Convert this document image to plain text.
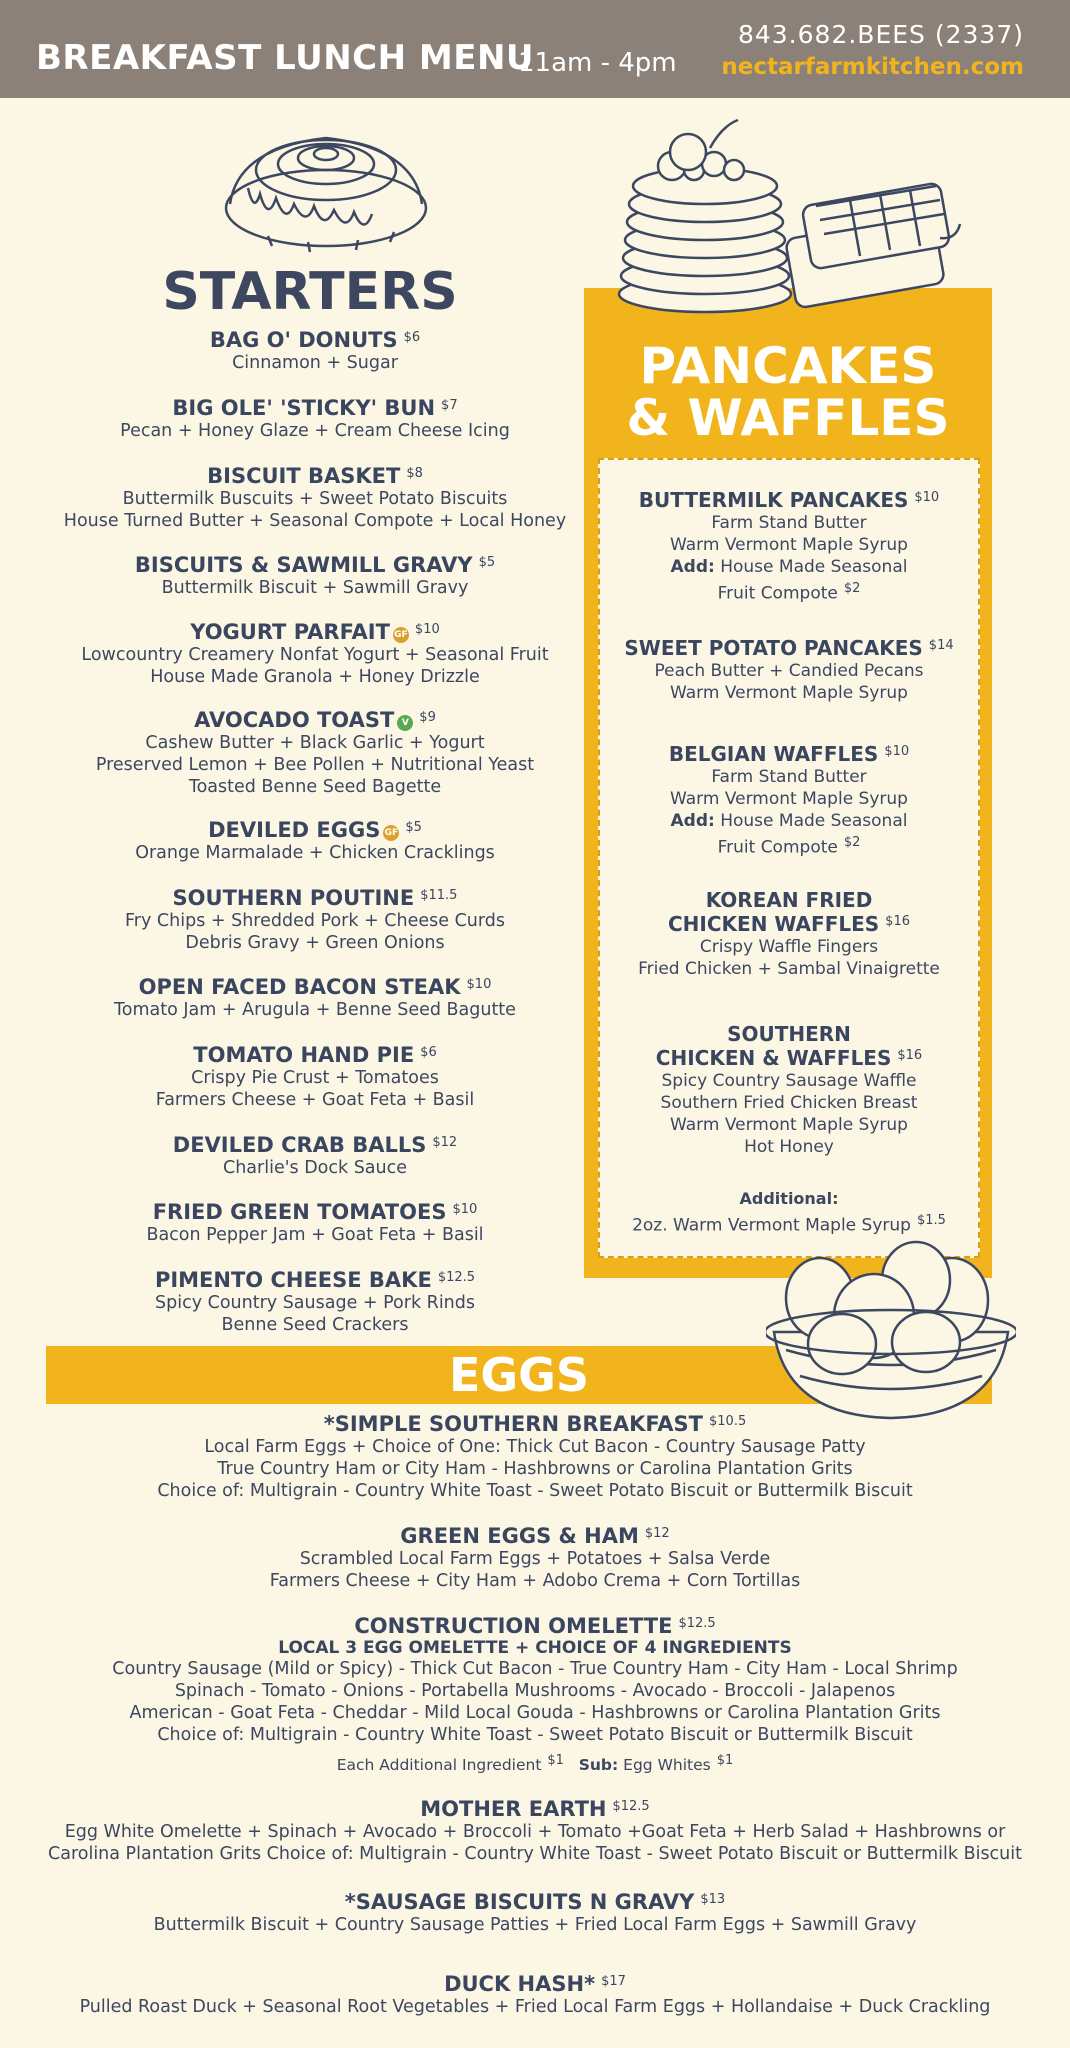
BREAKFAST LUNCH MENU
11am - 4pm
843.682.BEES (2337)
nectarfarmkitchen.com
STARTERS
BAG O' DONUTS $^{\$6}$
Cinnamon + Sugar
BIG OLE' 'STICKY' BUN $^{\$7}$
Pecan + Honey Glaze + Cream Cheese Icing
BISCUIT BASKET $^{\$8}$
Buttermilk Buscuits + Sweet Potato Biscuits
House Turned Butter + Seasonal Compote + Local Honey
BISCUITS & SAWMILL GRAVY $^{\$5}$
Buttermilk Biscuit + Sawmill Gravy
YOGURT PARFAIT GF $^{\$10}$
Lowcountry Creamery Nonfat Yogurt + Seasonal Fruit
House Made Granola + Honey Drizzle
AVOCADO TOAST V $^{\$9}$
Cashew Butter + Black Garlic + Yogurt
Preserved Lemon + Bee Pollen + Nutritional Yeast
Toasted Benne Seed Bagette
DEVILED EGGS GF $^{\$5}$
Orange Marmalade + Chicken Cracklings
SOUTHERN POUTINE $^{\$11.5}$
Fry Chips + Shredded Pork + Cheese Curds
Debris Gravy + Green Onions
OPEN FACED BACON STEAK $^{\$10}$
Tomato Jam + Arugula + Benne Seed Bagutte
TOMATO HAND PIE $^{\$6}$
Crispy Pie Crust + Tomatoes
Farmers Cheese + Goat Feta + Basil
DEVILED CRAB BALLS $^{\$12}$
Charlie's Dock Sauce
FRIED GREEN TOMATOES $^{\$10}$
Bacon Pepper Jam + Goat Feta + Basil
PIMENTO CHEESE BAKE $^{\$12.5}$
Spicy Country Sausage + Pork Rinds
Benne Seed Crackers
PANCAKES
& WAFFLES
BUTTERMILK PANCAKES $^{\$10}$
Farm Stand Butter
Warm Vermont Maple Syrup
Add: House Made Seasonal
Fruit Compote $^{\$2}$
SWEET POTATO PANCAKES $^{\$14}$
Peach Butter + Candied Pecans
Warm Vermont Maple Syrup
BELGIAN WAFFLES $^{\$10}$
Farm Stand Butter
Warm Vermont Maple Syrup
Add: House Made Seasonal
Fruit Compote $^{\$2}$
KOREAN FRIED
CHICKEN WAFFLES $^{\$16}$
Crispy Waffle Fingers
Fried Chicken + Sambal Vinaigrette
SOUTHERN
CHICKEN & WAFFLES $^{\$16}$
Spicy Country Sausage Waffle
Southern Fried Chicken Breast
Warm Vermont Maple Syrup
Hot Honey
Additional:
2oz. Warm Vermont Maple Syrup $^{\$1.5}$
EGGS
*SIMPLE SOUTHERN BREAKFAST $^{\$10.5}$
Local Farm Eggs + Choice of One: Thick Cut Bacon - Country Sausage Patty
True Country Ham or City Ham - Hashbrowns or Carolina Plantation Grits
Choice of: Multigrain - Country White Toast - Sweet Potato Biscuit or Buttermilk Biscuit
GREEN EGGS & HAM $^{\$12}$
Scrambled Local Farm Eggs + Potatoes + Salsa Verde
Farmers Cheese + City Ham + Adobo Crema + Corn Tortillas
CONSTRUCTION OMELETTE $^{\$12.5}$
LOCAL 3 EGG OMELETTE + CHOICE OF 4 INGREDIENTS
Country Sausage (Mild or Spicy) - Thick Cut Bacon - True Country Ham - City Ham - Local Shrimp
Spinach - Tomato - Onions - Portabella Mushrooms - Avocado - Broccoli - Jalapenos
American - Goat Feta - Cheddar - Mild Local Gouda - Hashbrowns or Carolina Plantation Grits
Choice of: Multigrain - Country White Toast - Sweet Potato Biscuit or Buttermilk Biscuit
Each Additional Ingredient $^{\$1}$ Sub: Egg Whites $^{\$1}$
MOTHER EARTH $^{\$12.5}$
Egg White Omelette + Spinach + Avocado + Broccoli + Tomato +Goat Feta + Herb Salad + Hashbrowns or
Carolina Plantation Grits Choice of: Multigrain - Country White Toast - Sweet Potato Biscuit or Buttermilk Biscuit
*SAUSAGE BISCUITS N GRAVY $^{\$13}$
Buttermilk Biscuit + Country Sausage Patties + Fried Local Farm Eggs + Sawmill Gravy
DUCK HASH* $^{\$17}$
Pulled Roast Duck + Seasonal Root Vegetables + Fried Local Farm Eggs + Hollandaise + Duck Crackling
